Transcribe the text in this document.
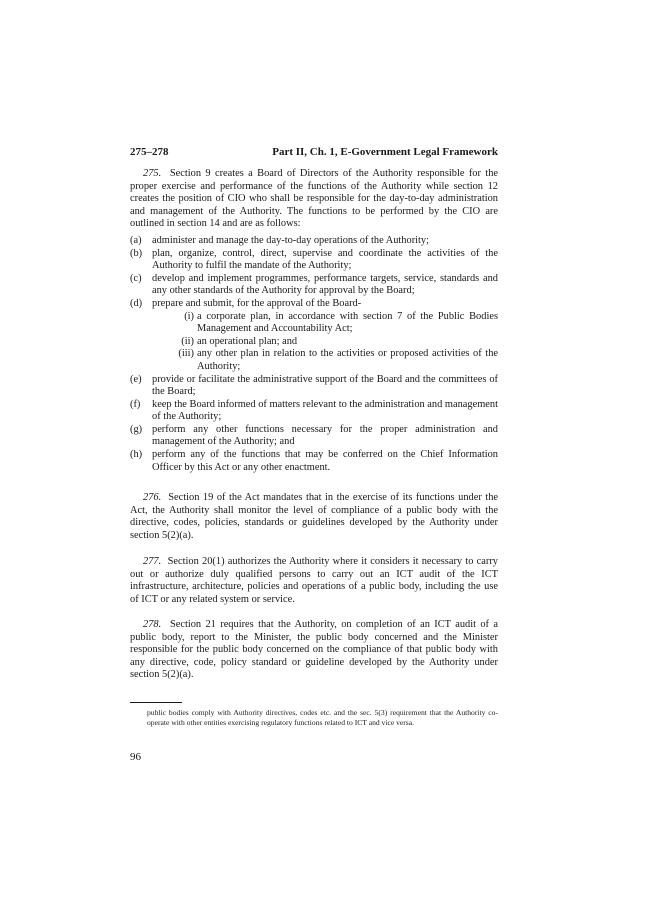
275–278	Part II, Ch. 1, E-Government Legal Framework

275. Section 9 creates a Board of Directors of the Authority responsible for the proper exercise and performance of the functions of the Authority while section 12 creates the position of CIO who shall be responsible for the day-to-day administration and management of the Authority. The functions to be performed by the CIO are outlined in section 14 and are as follows:

(a) administer and manage the day-to-day operations of the Authority;
(b) plan, organize, control, direct, supervise and coordinate the activities of the Authority to fulfil the mandate of the Authority;
(c) develop and implement programmes, performance targets, service, standards and any other standards of the Authority for approval by the Board;
(d) prepare and submit, for the approval of the Board-
(i) a corporate plan, in accordance with section 7 of the Public Bodies Management and Accountability Act;
(ii) an operational plan; and
(iii) any other plan in relation to the activities or proposed activities of the Authority;
(e) provide or facilitate the administrative support of the Board and the committees of the Board;
(f) keep the Board informed of matters relevant to the administration and management of the Authority;
(g) perform any other functions necessary for the proper administration and management of the Authority; and
(h) perform any of the functions that may be conferred on the Chief Information Officer by this Act or any other enactment.

276. Section 19 of the Act mandates that in the exercise of its functions under the Act, the Authority shall monitor the level of compliance of a public body with the directive, codes, policies, standards or guidelines developed by the Authority under section 5(2)(a).

277. Section 20(1) authorizes the Authority where it considers it necessary to carry out or authorize duly qualified persons to carry out an ICT audit of the ICT infrastructure, architecture, policies and operations of a public body, including the use of ICT or any related system or service.

278. Section 21 requires that the Authority, on completion of an ICT audit of a public body, report to the Minister, the public body concerned and the Minister responsible for the public body concerned on the compliance of that public body with any directive, code, policy standard or guideline developed by the Authority under section 5(2)(a).

public bodies comply with Authority directives, codes etc. and the sec. 5(3) requirement that the Authority co-operate with other entities exercising regulatory functions related to ICT and vice versa.
96
